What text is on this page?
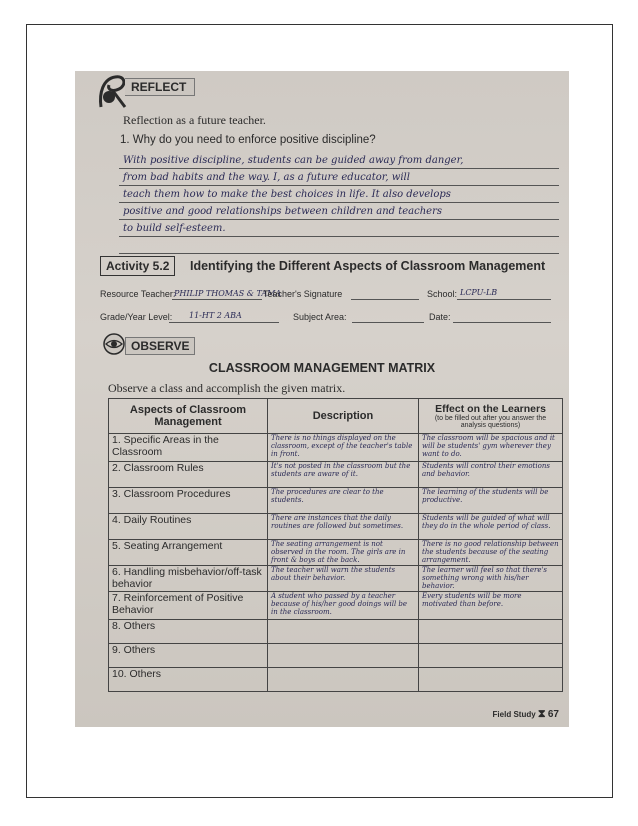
REFLECT
Reflection as a future teacher.
1. Why do you need to enforce positive discipline?
With positive discipline, students can be guided away from danger,
from bad habits and the way. I, as a future educator, will
teach them how to make the best choices in life. It also develops
positive and good relationships between children and teachers
to build self-esteem.
Activity 5.2	Identifying the Different Aspects of Classroom Management
Resource Teacher:
PHILIP THOMAS & TAMA
Teacher's Signature	School: LCPU-LB
Grade/Year Level: 11-HT 2 ABA	Subject Area:	Date:
OBSERVE
CLASSROOM MANAGEMENT MATRIX
Observe a class and accomplish the given matrix.
Aspects of Classroom Management	Description	Effect on the Learners
(to be filled out after you answer the analysis questions)

1. Specific Areas in the Classroom	There is no things displayed on the classroom, except of the teacher's table in front.	The classroom will be spacious and it will be students' gym wherever they want to do.
2. Classroom Rules	It's not posted in the classroom but the students are aware of it.	Students will control their emotions and behavior.
3. Classroom Procedures	The procedures are clear to the students.	The learning of the students will be productive.
4. Daily Routines	There are instances that the daily routines are followed but sometimes.	Students will be guided of what will they do in the whole period of class.
5. Seating Arrangement	The seating arrangement is not observed in the room. The girls are in front & boys at the back.	There is no good relationship between the students because of the seating arrangement.
6. Handling misbehavior/off-task behavior	The teacher will warn the students about their behavior.	The learner will feel so that there's something wrong with his/her behavior.
7. Reinforcement of Positive Behavior	A student who passed by a teacher because of his/her good doings will be in the classroom.	Every students will be more motivated than before.
8. Others		
9. Others		
10. Others		
Field Study ⧗ 67
